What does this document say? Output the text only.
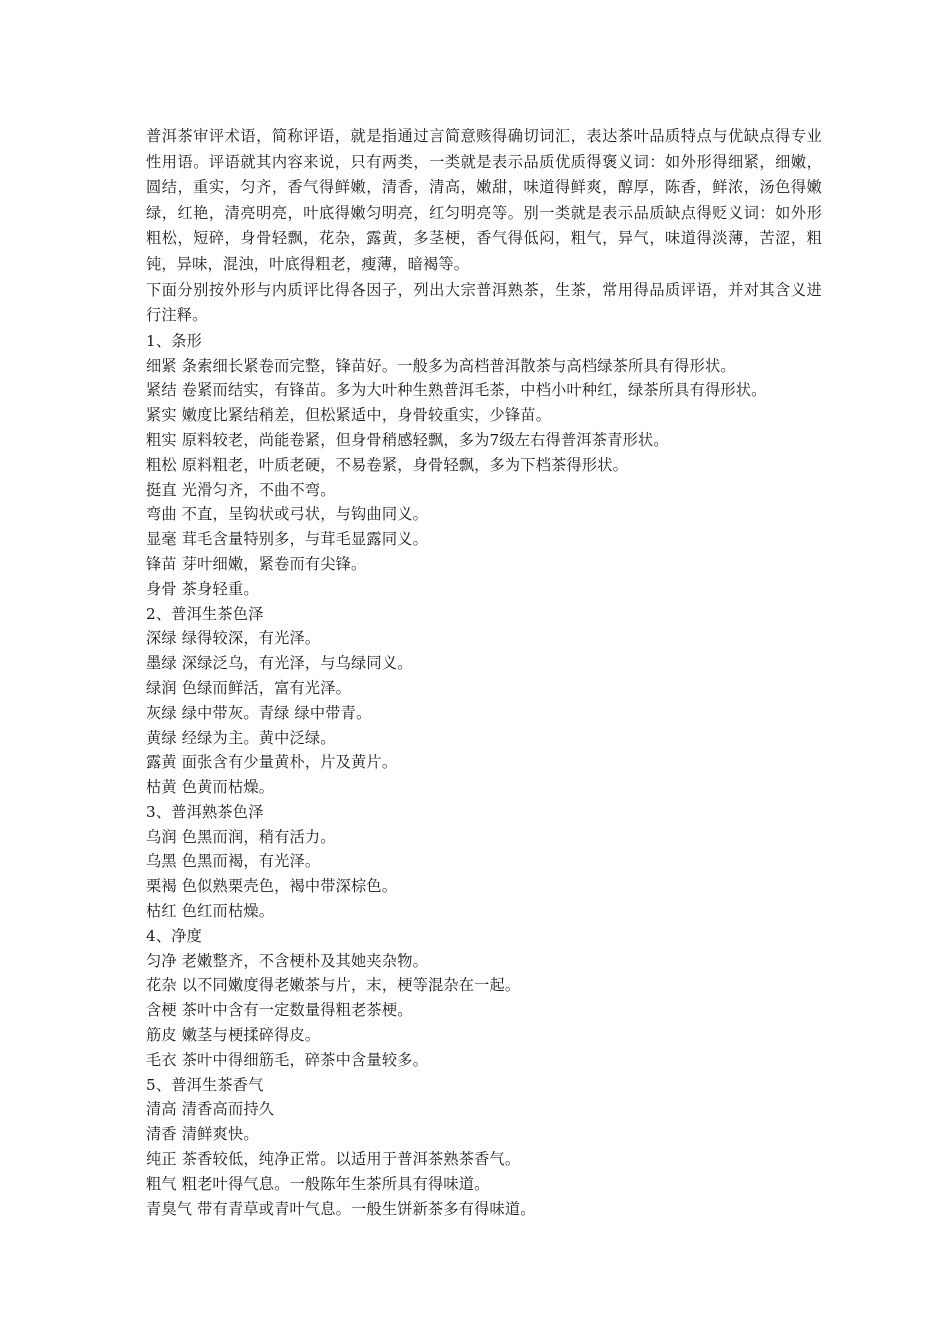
普洱茶审评术语，简称评语，就是指通过言简意赅得确切词汇，表达茶叶品质特点与优缺点得专业性用语。评语就其内容来说，只有两类，一类就是表示品质优质得褒义词：如外形得细紧，细嫩，圆结，重实，匀齐，香气得鲜嫩，清香，清高，嫩甜，味道得鲜爽，醇厚，陈香，鲜浓，汤色得嫩绿，红艳，清亮明亮，叶底得嫩匀明亮，红匀明亮等。别一类就是表示品质缺点得贬义词：如外形粗松，短碎，身骨轻飘，花杂，露黄，多茎梗，香气得低闷，粗气，异气，味道得淡薄，苦涩，粗钝，异味，混浊，叶底得粗老，瘦薄，暗褐等。

下面分别按外形与内质评比得各因子，列出大宗普洱熟茶，生茶，常用得品质评语，并对其含义进行注释。

1、条形
细紧 条索细长紧卷而完整，锋苗好。一般多为高档普洱散茶与高档绿茶所具有得形状。
紧结 卷紧而结实，有锋苗。多为大叶种生熟普洱毛茶，中档小叶种红，绿茶所具有得形状。
紧实 嫩度比紧结稍差，但松紧适中，身骨较重实，少锋苗。
粗实 原料较老，尚能卷紧，但身骨稍感轻飘，多为7级左右得普洱茶青形状。
粗松 原料粗老，叶质老硬，不易卷紧，身骨轻飘，多为下档茶得形状。
挺直 光滑匀齐，不曲不弯。
弯曲 不直，呈钩状或弓状，与钩曲同义。
显毫 茸毛含量特别多，与茸毛显露同义。
锋苗 芽叶细嫩，紧卷而有尖锋。
身骨 茶身轻重。
2、普洱生茶色泽
深绿 绿得较深，有光泽。
墨绿 深绿泛乌，有光泽，与乌绿同义。
绿润 色绿而鲜活，富有光泽。
灰绿 绿中带灰。青绿 绿中带青。
黄绿 经绿为主。黄中泛绿。
露黄 面张含有少量黄朴，片及黄片。
枯黄 色黄而枯燥。
3、普洱熟茶色泽
乌润 色黑而润，稍有活力。
乌黑 色黑而褐，有光泽。
栗褐 色似熟栗壳色，褐中带深棕色。
枯红 色红而枯燥。
4、净度
匀净 老嫩整齐，不含梗朴及其她夹杂物。
花杂 以不同嫩度得老嫩茶与片，末，梗等混杂在一起。
含梗 茶叶中含有一定数量得粗老茶梗。
筋皮 嫩茎与梗揉碎得皮。
毛衣 茶叶中得细筋毛，碎茶中含量较多。
5、普洱生茶香气
清高 清香高而持久
清香 清鲜爽快。
纯正 茶香较低，纯净正常。以适用于普洱茶熟茶香气。
粗气 粗老叶得气息。一般陈年生茶所具有得味道。
青臭气 带有青草或青叶气息。一般生饼新茶多有得味道。
